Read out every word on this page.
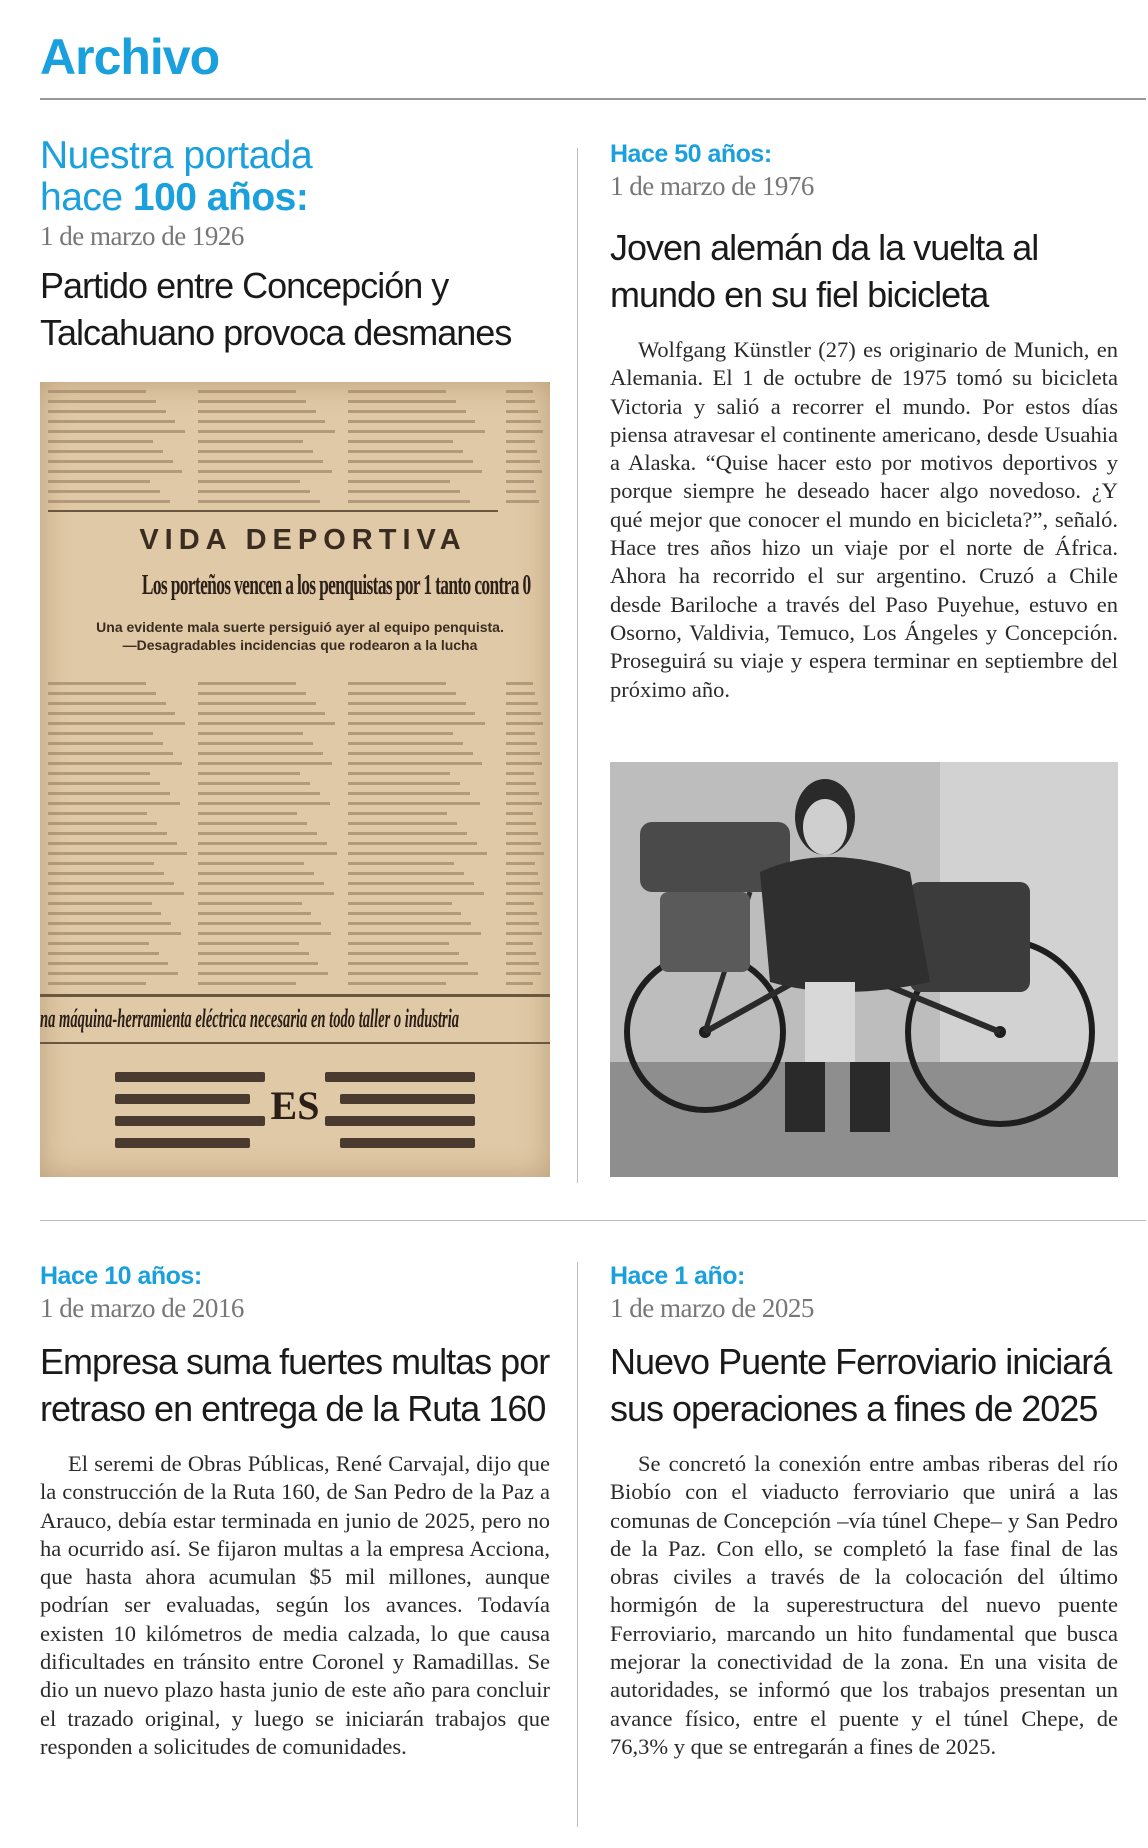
Archivo
Nuestra portada
hace 100 años:
1 de marzo de 1926
Partido entre Concepción y Talcahuano provoca desmanes
VIDA DEPORTIVA
Los porteños vencen a los penquistas por 1 tanto contra 0
Una evidente mala suerte persiguió ayer al equipo penquista.—Desagradables incidencias que rodearon a la lucha
na máquina-herramienta eléctrica necesaria en todo taller o industria
ES
Hace 50 años:
1 de marzo de 1976
Joven alemán da la vuelta al mundo en su fiel bicicleta
Wolfgang Künstler (27) es originario de Munich, en Alemania. El 1 de octubre de 1975 tomó su bicicleta Victoria y salió a recorrer el mundo. Por estos días piensa atravesar el continente americano, desde Usuahia a Alaska. “Quise hacer esto por motivos deportivos y porque siempre he deseado hacer algo novedoso. ¿Y qué mejor que conocer el mundo en bicicleta?”, señaló. Hace tres años hizo un viaje por el norte de África. Ahora ha recorrido el sur argentino. Cruzó a Chile desde Bariloche a través del Paso Puyehue, estuvo en Osorno, Valdivia, Temuco, Los Ángeles y Concepción. Proseguirá su viaje y espera terminar en septiembre del próximo año.
Hace 10 años:
1 de marzo de 2016
Empresa suma fuertes multas por retraso en entrega de la Ruta 160
El seremi de Obras Públicas, René Carvajal, dijo que la construcción de la Ruta 160, de San Pedro de la Paz a Arauco, debía estar terminada en junio de 2025, pero no ha ocurrido así. Se fijaron multas a la empresa Acciona, que hasta ahora acumulan $5 mil millones, aunque podrían ser evaluadas, según los avances. Todavía existen 10 kilómetros de media calzada, lo que causa dificultades en tránsito entre Coronel y Ramadillas. Se dio un nuevo plazo hasta junio de este año para concluir el trazado original, y luego se iniciarán trabajos que responden a solicitudes de comunidades.
Hace 1 año:
1 de marzo de 2025
Nuevo Puente Ferroviario iniciará sus operaciones a fines de 2025
Se concretó la conexión entre ambas riberas del río Biobío con el viaducto ferroviario que unirá a las comunas de Concepción –vía túnel Chepe– y San Pedro de la Paz. Con ello, se completó la fase final de las obras civiles a través de la colocación del último hormigón de la superestructura del nuevo puente Ferroviario, marcando un hito fundamental que busca mejorar la conectividad de la zona. En una visita de autoridades, se informó que los trabajos presentan un avance físico, entre el puente y el túnel Chepe, de 76,3% y que se entregarán a fines de 2025.
